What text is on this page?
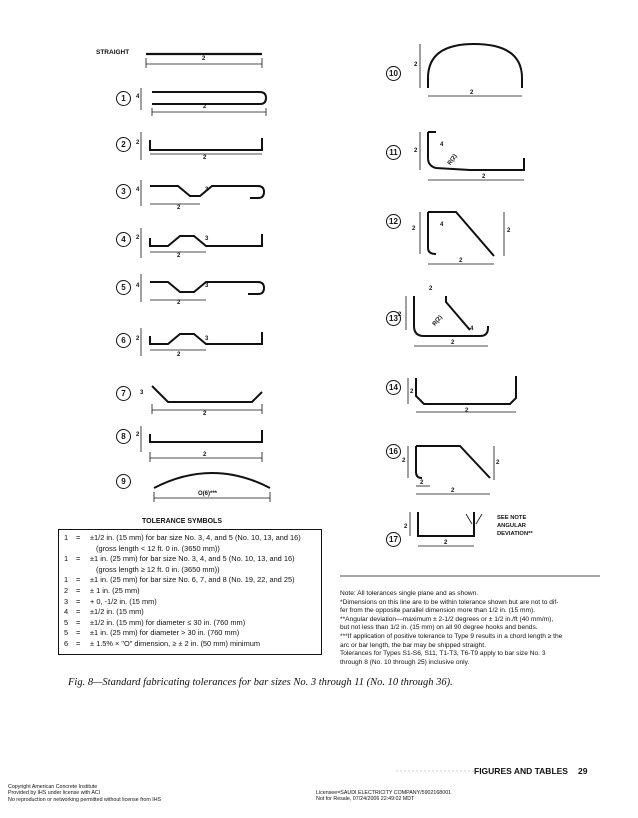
STRAIGHT
2
1
2
3
4
5
6
7
8
9
4
2
2
2
4	3
2
2	3
2
4	3
2
2	3
2
3
2
2
2
O(6)***
10
11
12
13
14
16
17
2
2
2
4
R(2)
2
2
4
2
2
2	R(2)
4
2
2
2
2
2	2
2
2
2
2
SEE NOTE
ANGULAR
DEVIATION**
TOLERANCE SYMBOLS
1 = ±1/2 in. (15 mm) for bar size No. 3, 4, and 5 (No. 10, 13, and 16)
(gross length < 12 ft. 0 in. (3650 mm))
1 = ±1 in. (25 mm) for bar size No. 3, 4, and 5 (No. 10, 13, and 16)
(gross length ≥ 12 ft. 0 in. (3650 mm))
1 = ±1 in. (25 mm) for bar size No. 6, 7, and 8 (No. 19, 22, and 25)
2 = ± 1 in. (25 mm)
3 = + 0, -1/2 in. (15 mm)
4 = ±1/2 in. (15 mm)
5 = ±1/2 in. (15 mm) for diameter ≤ 30 in. (760 mm)
5 = ±1 in. (25 mm) for diameter > 30 in. (760 mm)
6 = ± 1.5% × "O" dimension, ≥ ± 2 in. (50 mm) minimum
Note: All tolerances single plane and as shown.
*Dimensions on this line are to be within tolerance shown but are not to dif-
fer from the opposite parallel dimension more than 1/2 in. (15 mm).
**Angular deviation—maximum ± 2-1/2 degrees or ± 1/2 in./ft (40 mm/m),
but not less than 1/2 in. (15 mm) on all 90 degree hooks and bends.
***If application of positive tolerance to Type 9 results in a chord length ≥ the
arc or bar length, the bar may be shipped straight.
Tolerances for Types S1-S6, S11, T1-T3, T6-T9 apply to bar size No. 3
through 8 (No. 10 through 25) inclusive only.
Fig. 8—Standard fabricating tolerances for bar sizes No. 3 through 11 (No. 10 through 36).
FIGURES AND TABLES 29
Copyright American Concrete Institute
Provided by IHS under license with ACI
No reproduction or networking permitted without license from IHS
Licensee=SAUDI ELECTRICITY COMPANY/5902168001
Not for Resale, 07/24/2006 22:49:02 MDT
